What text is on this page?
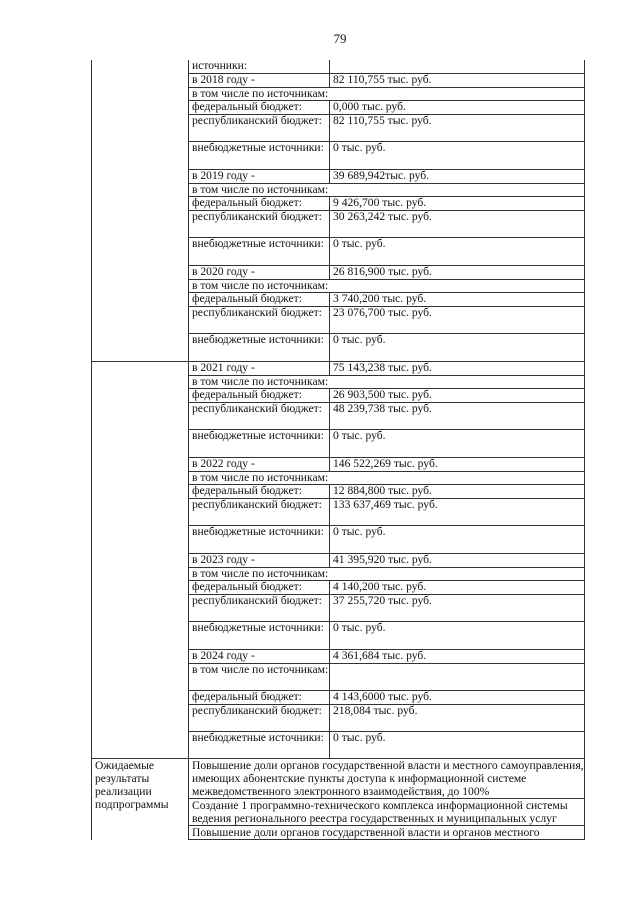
79
	источники:	
	в 2018 году -	82 110,755 тыс. руб.
	в том числе по источникам:	
	федеральный бюджет:	0,000 тыс. руб.
	республиканский бюджет:	82 110,755 тыс. руб.
	внебюджетные источники:	0 тыс. руб.
	в 2019 году -	39 689,942тыс. руб.
	в том числе по источникам:	
	федеральный бюджет:	9 426,700 тыс. руб.
	республиканский бюджет:	30 263,242 тыс. руб.
	внебюджетные источники:	0 тыс. руб.
	в 2020 году -	26 816,900 тыс. руб.
	в том числе по источникам:	
	федеральный бюджет:	3 740,200 тыс. руб.
	республиканский бюджет:	23 076,700 тыс. руб.
	внебюджетные источники:	0 тыс. руб.
	в 2021 году -	75 143,238 тыс. руб.
	в том числе по источникам:	
	федеральный бюджет:	26 903,500 тыс. руб.
	республиканский бюджет:	48 239,738 тыс. руб.
	внебюджетные источники:	0 тыс. руб.
	в 2022 году -	146 522,269 тыс. руб.
	в том числе по источникам:	
	федеральный бюджет:	12 884,800 тыс. руб.
	республиканский бюджет:	133 637,469 тыс. руб.
	внебюджетные источники:	0 тыс. руб.
	в 2023 году -	41 395,920 тыс. руб.
	в том числе по источникам:	
	федеральный бюджет:	4 140,200 тыс. руб.
	республиканский бюджет:	37 255,720 тыс. руб.
	внебюджетные источники:	0 тыс. руб.
	в 2024 году -	4 361,684 тыс. руб.
	в том числе по источникам:	
	федеральный бюджет:	4 143,6000 тыс. руб.
	республиканский бюджет:	218,084 тыс. руб.
	внебюджетные источники:	0 тыс. руб.
Ожидаемые результаты реализации подпрограммы	Повышение доли органов государственной власти и местного самоуправления, имеющих абонентские пункты доступа к информационной системе межведомственного электронного взаимодействия, до 100%	
	Создание 1 программно-технического комплекса информационной системы ведения регионального реестра государственных и муниципальных услуг	
	Повышение доли органов государственной власти и органов местного	
